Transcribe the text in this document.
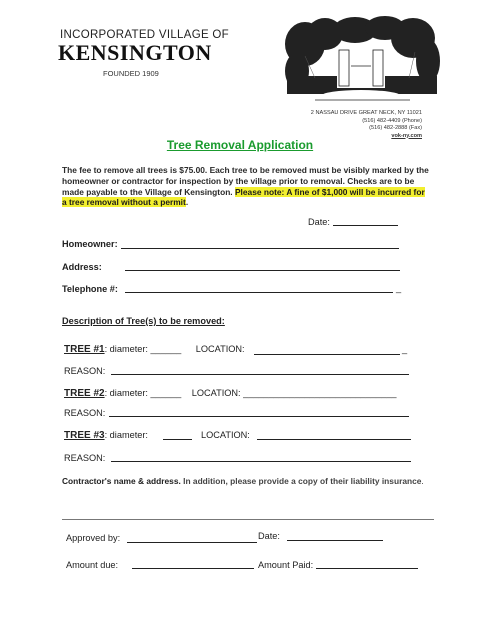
INCORPORATED VILLAGE OF
KENSINGTON
FOUNDED 1909
2 NASSAU DRIVE GREAT NECK, NY 11021
(516) 482-4409 (Phone)
(516) 482-2888 (Fax)
vok-ny.com
Tree Removal Application
The fee to remove all trees is $75.00. Each tree to be removed must be visibly marked by the homeowner or contractor for inspection by the village prior to removal. Checks are to be made payable to the Village of Kensington. Please note: A fine of $1,000 will be incurred for a tree removal without a permit.
Date:
Homeowner:
Address:
Telephone #:	_
Description of Tree(s) to be removed:
TREE #1: diameter: ______ LOCATION:	_
REASON:
TREE #2: diameter: ______ LOCATION: ______________________________
REASON:
TREE #3: diameter:	LOCATION:
REASON:
Contractor's name & address. In addition, please provide a copy of their liability insurance.
Approved by:	Date:
Amount due:	Amount Paid:
